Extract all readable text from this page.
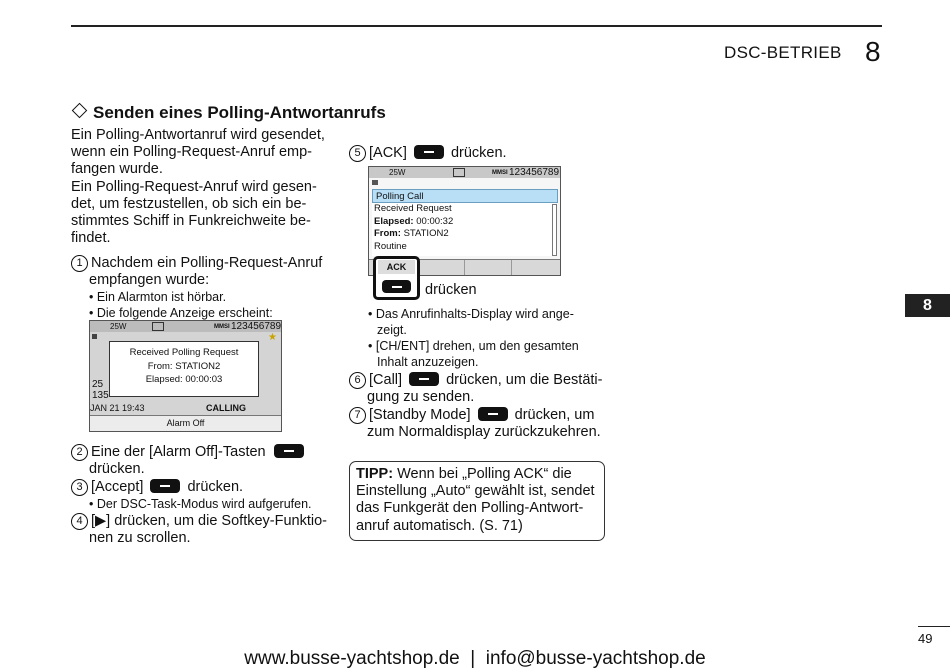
DSC-BETRIEB 8
Senden eines Polling-Antwortanrufs
Ein Polling-Antwortanruf wird gesendet,
wenn ein Polling-Request-Anruf emp-
fangen wurde.
Ein Polling-Request-Anruf wird gesen-
det, um festzustellen, ob sich ein be-
stimmtes Schiff in Funkreichweite be-
findet.
1 Nachdem ein Polling-Request-Anruf
empfangen wurde:
• Ein Alarmton ist hörbar.
• Die folgende Anzeige erscheint:
25W	MMSI 123456789
★
25
135
JAN 21 19:43	CALLING
Received Polling Request
From: STATION2
Elapsed: 00:00:03
Alarm Off
2 Eine der [Alarm Off]-Tasten
drücken.
3 [Accept]	drücken.
• Der DSC-Task-Modus wird aufgerufen.
4 [▶] drücken, um die Softkey-Funktio-
nen zu scrollen.
5 [ACK]	drücken.
25W	MMSI 123456789
Polling Call
Received Request
Elapsed: 00:00:32
From: STATION2
Routine
ACK
drücken
• Das Anrufinhalts-Display wird ange-
zeigt.
• [CH/ENT] drehen, um den gesamten
Inhalt anzuzeigen.
6 [Call]	drücken, um die Bestäti-
gung zu senden.
7 [Standby Mode]	drücken, um
zum Normaldisplay zurückzukehren.
TIPP: Wenn bei „Polling ACK“ die
Einstellung „Auto“ gewählt ist, sendet
das Funkgerät den Polling-Antwort-
anruf automatisch. (S. 71)
8
49
www.busse-yachtshop.de  |  info@busse-yachtshop.de
